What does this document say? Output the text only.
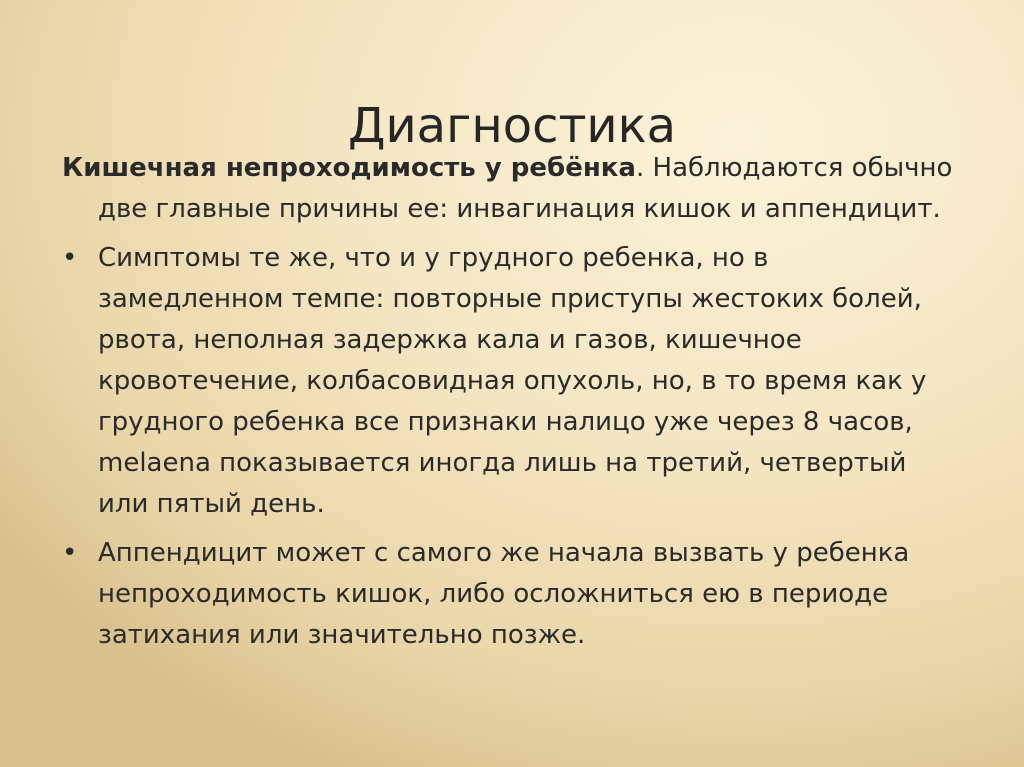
Диагностика

Кишечная непроходимость у ребёнка. Наблюдаются обычно две главные причины ее: инвагинация кишок и аппендицит.

• Симптомы те же, что и у грудного ребенка, но в замедленном темпе: повторные приступы жестоких болей, рвота, неполная задержка кала и газов, кишечное кровотечение, колбасовидная опухоль, но, в то время как у грудного ребенка все признаки налицо уже через 8 часов, melaena показывается иногда лишь на третий, четвертый или пятый день.
• Аппендицит может с самого же начала вызвать у ребенка непроходимость кишок, либо осложниться ею в периоде затихания или значительно позже.
